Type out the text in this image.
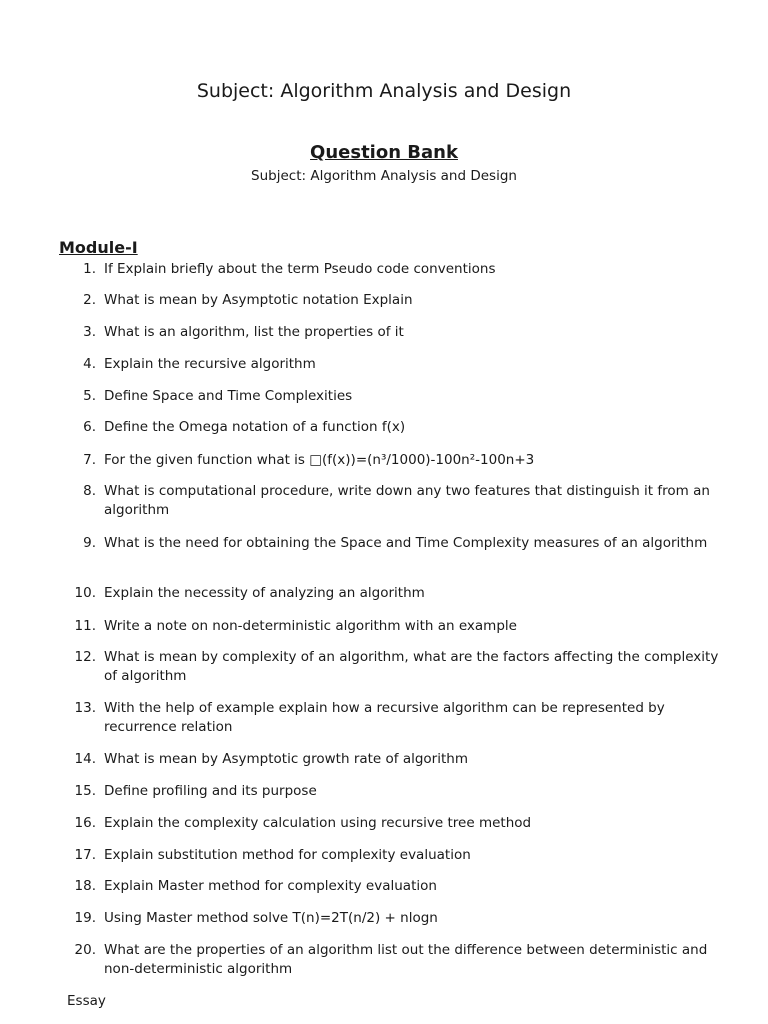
Subject: Algorithm Analysis and Design
Question Bank

Subject: Algorithm Analysis and Design

Module-I
1. If Explain briefly about the term Pseudo code conventions
2. What is mean by Asymptotic notation Explain
3. What is an algorithm, list the properties of it
4. Explain the recursive algorithm
5. Define Space and Time Complexities
6. Define the Omega notation of a function f(x)
7. For the given function what is □(f(x))=(n³/1000)-100n²-100n+3
8. What is computational procedure, write down any two features that distinguish it from an algorithm
9. What is the need for obtaining the Space and Time Complexity measures of an algorithm
10. Explain the necessity of analyzing an algorithm
11. Write a note on non-deterministic algorithm with an example
12. What is mean by complexity of an algorithm, what are the factors affecting the complexity of algorithm
13. With the help of example explain how a recursive algorithm can be represented by recurrence relation
14. What is mean by Asymptotic growth rate of algorithm
15. Define profiling and its purpose
16. Explain the complexity calculation using recursive tree method
17. Explain substitution method for complexity evaluation
18. Explain Master method for complexity evaluation
19. Using Master method solve T(n)=2T(n/2) + nlogn
20. What are the properties of an algorithm list out the difference between deterministic and non-deterministic algorithm

Essay
